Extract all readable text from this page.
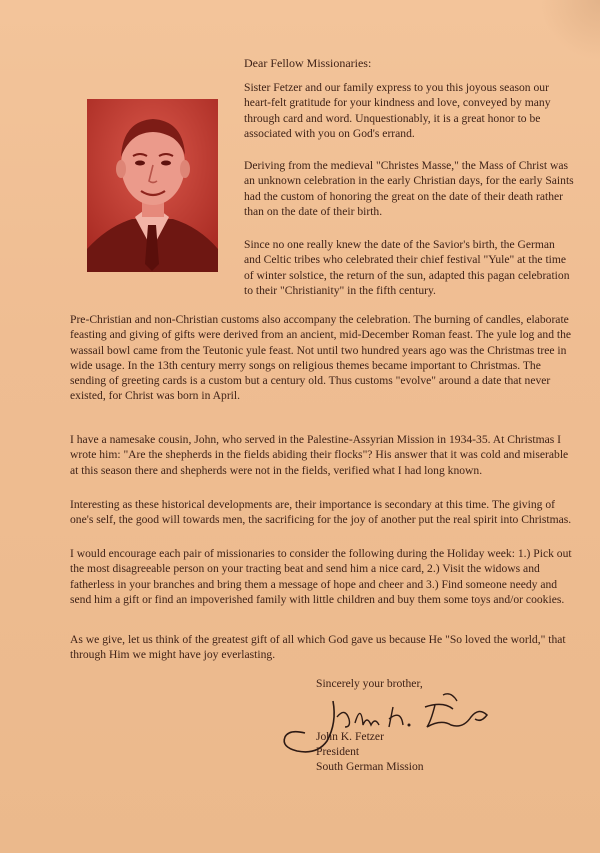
Dear Fellow Missionaries:

Sister Fetzer and our family express to you this joyous season our heart-felt gratitude for your kindness and love, conveyed by many through card and word. Unquestionably, it is a great honor to be associated with you on God's errand.

Deriving from the medieval "Christes Masse," the Mass of Christ was an unknown celebration in the early Christian days, for the early Saints had the custom of honoring the great on the date of their death rather than on the date of their birth.

Since no one really knew the date of the Savior's birth, the German and Celtic tribes who celebrated their chief festival "Yule" at the time of winter solstice, the return of the sun, adapted this pagan celebration to their "Christianity" in the fifth century.

Pre-Christian and non-Christian customs also accompany the celebration. The burning of candles, elaborate feasting and giving of gifts were derived from an ancient, mid-December Roman feast. The yule log and the wassail bowl came from the Teutonic yule feast. Not until two hundred years ago was the Christmas tree in wide usage. In the 13th century merry songs on religious themes became important to Christmas. The sending of greeting cards is a custom but a century old. Thus customs "evolve" around a date that never existed, for Christ was born in April.

I have a namesake cousin, John, who served in the Palestine-Assyrian Mission in 1934-35. At Christmas I wrote him: "Are the shepherds in the fields abiding their flocks"? His answer that it was cold and miserable at this season there and shepherds were not in the fields, verified what I had long known.

Interesting as these historical developments are, their importance is secondary at this time. The giving of one's self, the good will towards men, the sacrificing for the joy of another put the real spirit into Christmas.

I would encourage each pair of missionaries to consider the following during the Holiday week: 1.) Pick out the most disagreeable person on your tracting beat and send him a nice card, 2.) Visit the widows and fatherless in your branches and bring them a message of hope and cheer and 3.) Find someone needy and send him a gift or find an impoverished family with little children and buy them some toys and/or cookies.

As we give, let us think of the greatest gift of all which God gave us because He "So loved the world," that through Him we might have joy everlasting.

Sincerely your brother,
John K. Fetzer
President
South German Mission
